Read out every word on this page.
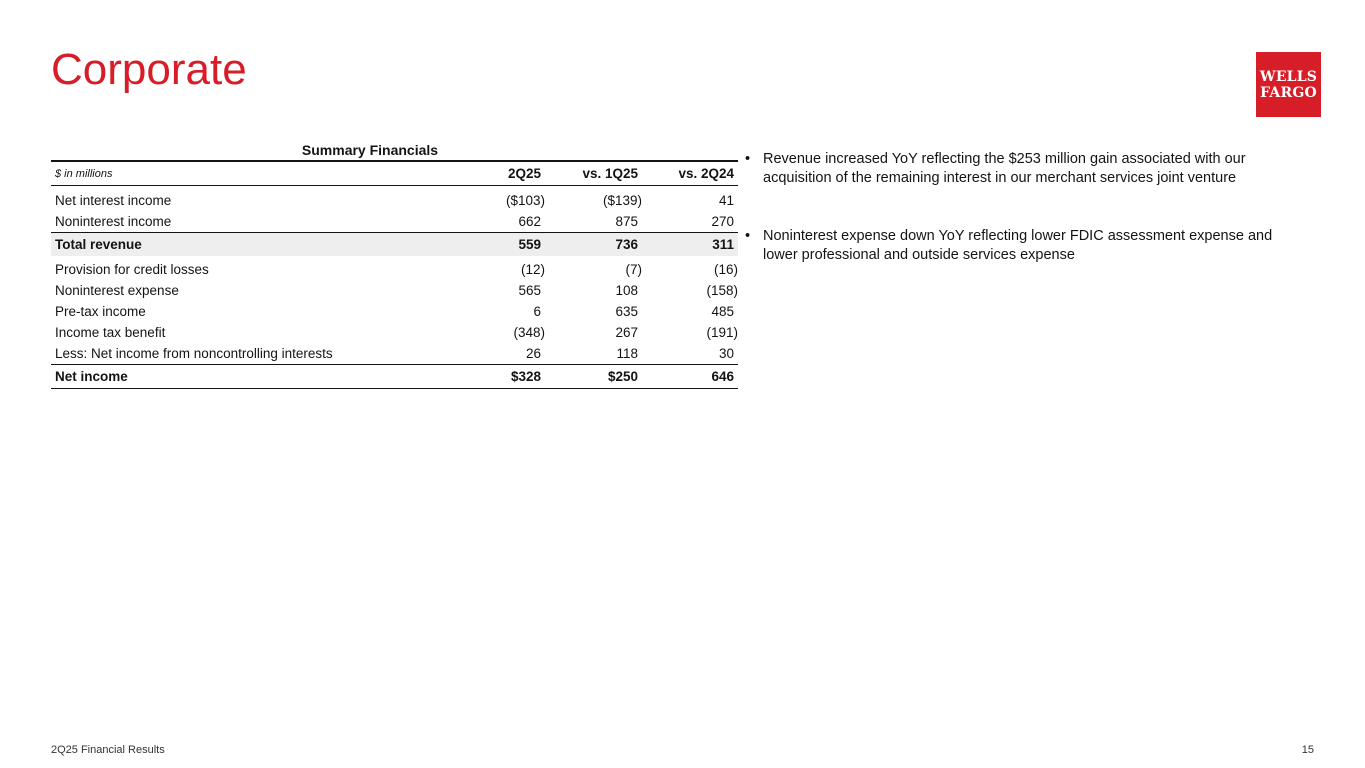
Corporate	WELLS
FARGO
Summary Financials
$ in millions	2Q25	vs. 1Q25	vs. 2Q24

Net interest income	($103)	($139)	41
Noninterest income	662	875	270
Total revenue	559	736	311
Provision for credit losses	(12)	(7)	(16)
Noninterest expense	565	108	(158)
Pre-tax income	6	635	485
Income tax benefit	(348)	267	(191)
Less: Net income from noncontrolling interests	26	118	30
Net income	$328	$250	646
• Revenue increased YoY reflecting the $253 million gain associated with our acquisition of the remaining interest in our merchant services joint venture
• Noninterest expense down YoY reflecting lower FDIC assessment expense and lower professional and outside services expense
2Q25 Financial Results	15
